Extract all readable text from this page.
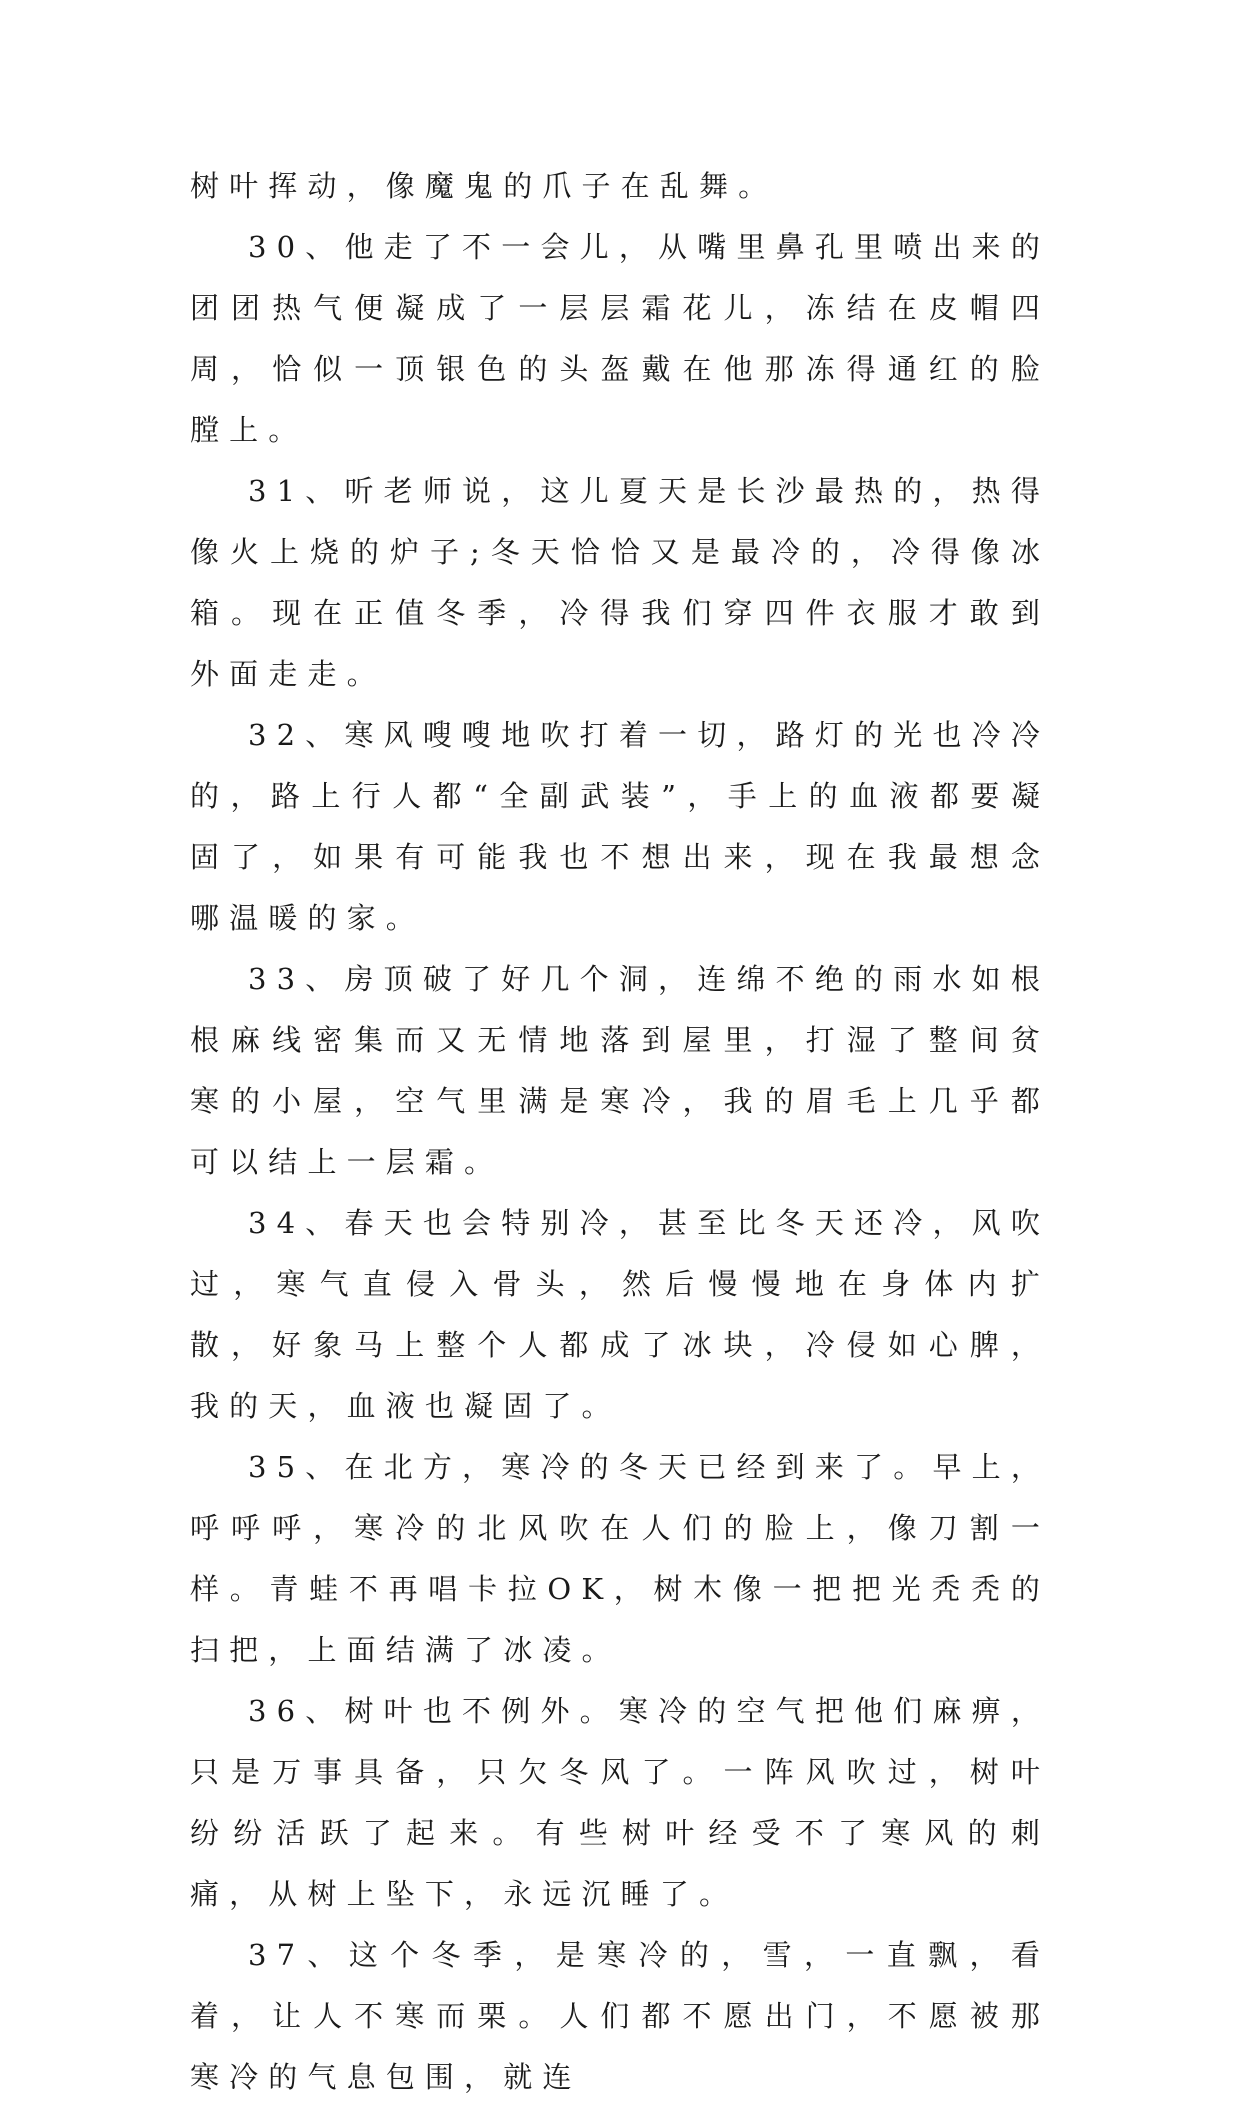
树叶挥动，像魔鬼的爪子在乱舞。

30、他走了不一会儿，从嘴里鼻孔里喷出来的团团热气便凝成了一层层霜花儿，冻结在皮帽四周，恰似一顶银色的头盔戴在他那冻得通红的脸膛上。

31、听老师说，这儿夏天是长沙最热的，热得像火上烧的炉子;冬天恰恰又是最冷的，冷得像冰箱。现在正值冬季，冷得我们穿四件衣服才敢到外面走走。

32、寒风嗖嗖地吹打着一切，路灯的光也冷冷的，路上行人都“全副武装”，手上的血液都要凝固了，如果有可能我也不想出来，现在我最想念哪温暖的家。

33、房顶破了好几个洞，连绵不绝的雨水如根根麻线密集而又无情地落到屋里，打湿了整间贫寒的小屋，空气里满是寒冷，我的眉毛上几乎都可以结上一层霜。

34、春天也会特别冷，甚至比冬天还冷，风吹过，寒气直侵入骨头，然后慢慢地在身体内扩散，好象马上整个人都成了冰块，冷侵如心脾，我的天，血液也凝固了。

35、在北方，寒冷的冬天已经到来了。早上，呼呼呼，寒冷的北风吹在人们的脸上，像刀割一样。青蛙不再唱卡拉OK，树木像一把把光秃秃的扫把，上面结满了冰凌。

36、树叶也不例外。寒冷的空气把他们麻痹，只是万事具备，只欠冬风了。一阵风吹过，树叶纷纷活跃了起来。有些树叶经受不了寒风的刺痛，从树上坠下，永远沉睡了。

37、这个冬季，是寒冷的，雪，一直飘，看着，让人不寒而栗。人们都不愿出门，不愿被那寒冷的气息包围，就连
